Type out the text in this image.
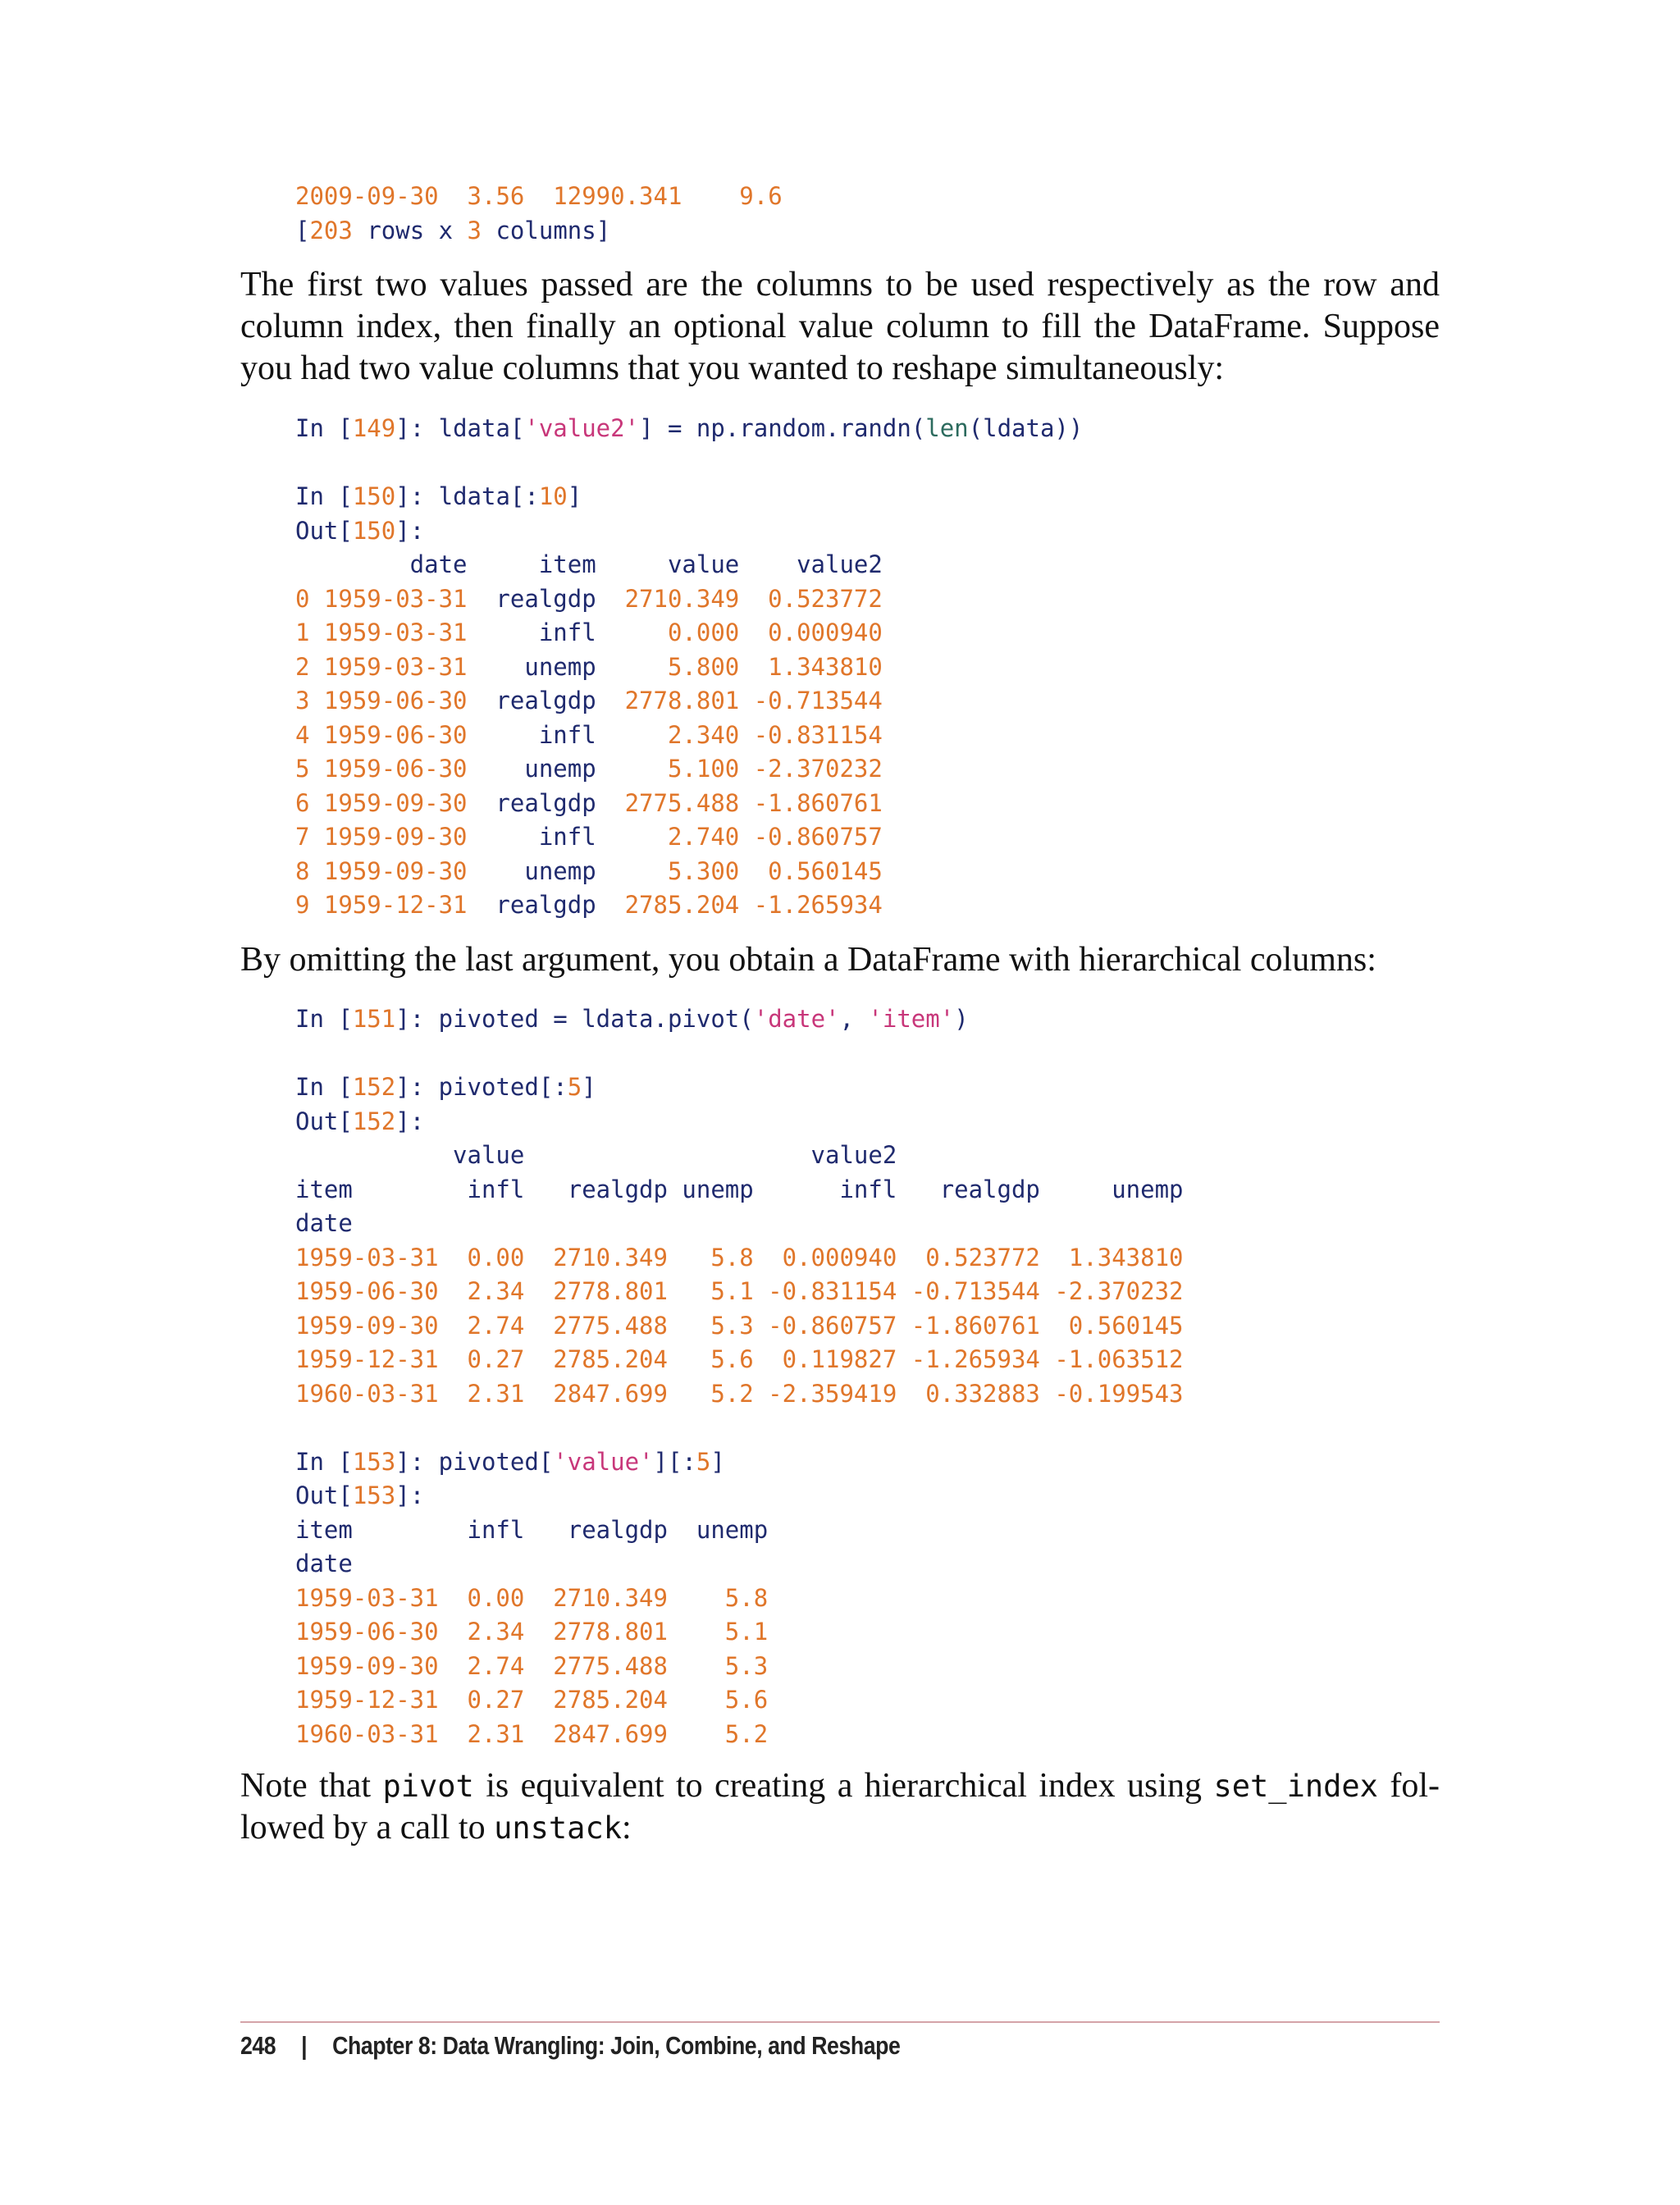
2009-09-30 3.56 12990.341 9.6
[203 rows x 3 columns]

The first two values passed are the columns to be used respectively as the row and column index, then finally an optional value column to fill the DataFrame. Suppose you had two value columns that you wanted to reshape simultaneously:

In [149]: ldata['value2'] = np.random.randn(len(ldata))
In [150]: ldata[:10]
Out[150]:
date     item     value    value2
0 1959-03-31  realgdp  2710.349  0.523772
1 1959-03-31     infl     0.000  0.000940
2 1959-03-31    unemp     5.800  1.343810
3 1959-06-30  realgdp  2778.801 -0.713544
4 1959-06-30     infl     2.340 -0.831154
5 1959-06-30    unemp     5.100 -2.370232
6 1959-09-30  realgdp  2775.488 -1.860761
7 1959-09-30     infl     2.740 -0.860757
8 1959-09-30    unemp     5.300  0.560145
9 1959-12-31  realgdp  2785.204 -1.265934

By omitting the last argument, you obtain a DataFrame with hierarchical columns:

In [151]: pivoted = ldata.pivot('date', 'item')
In [152]: pivoted[:5]
Out[152]:
value                    value2
item        infl   realgdp unemp      infl   realgdp     unemp
date
1959-03-31  0.00  2710.349   5.8  0.000940  0.523772  1.343810
1959-06-30  2.34  2778.801   5.1 -0.831154 -0.713544 -2.370232
1959-09-30  2.74  2775.488   5.3 -0.860757 -1.860761  0.560145
1959-12-31  0.27  2785.204   5.6  0.119827 -1.265934 -1.063512
1960-03-31  2.31  2847.699   5.2 -2.359419  0.332883 -0.199543
In [153]: pivoted['value'][:5]
Out[153]:
item        infl   realgdp  unemp
date
1959-03-31  0.00  2710.349    5.8
1959-06-30  2.34  2778.801    5.1
1959-09-30  2.74  2775.488    5.3
1959-12-31  0.27  2785.204    5.6
1960-03-31  2.31  2847.699    5.2

Note that pivot is equivalent to creating a hierarchical index using set_index fol-lowed by a call to unstack:

248 | Chapter 8: Data Wrangling: Join, Combine, and Reshape
